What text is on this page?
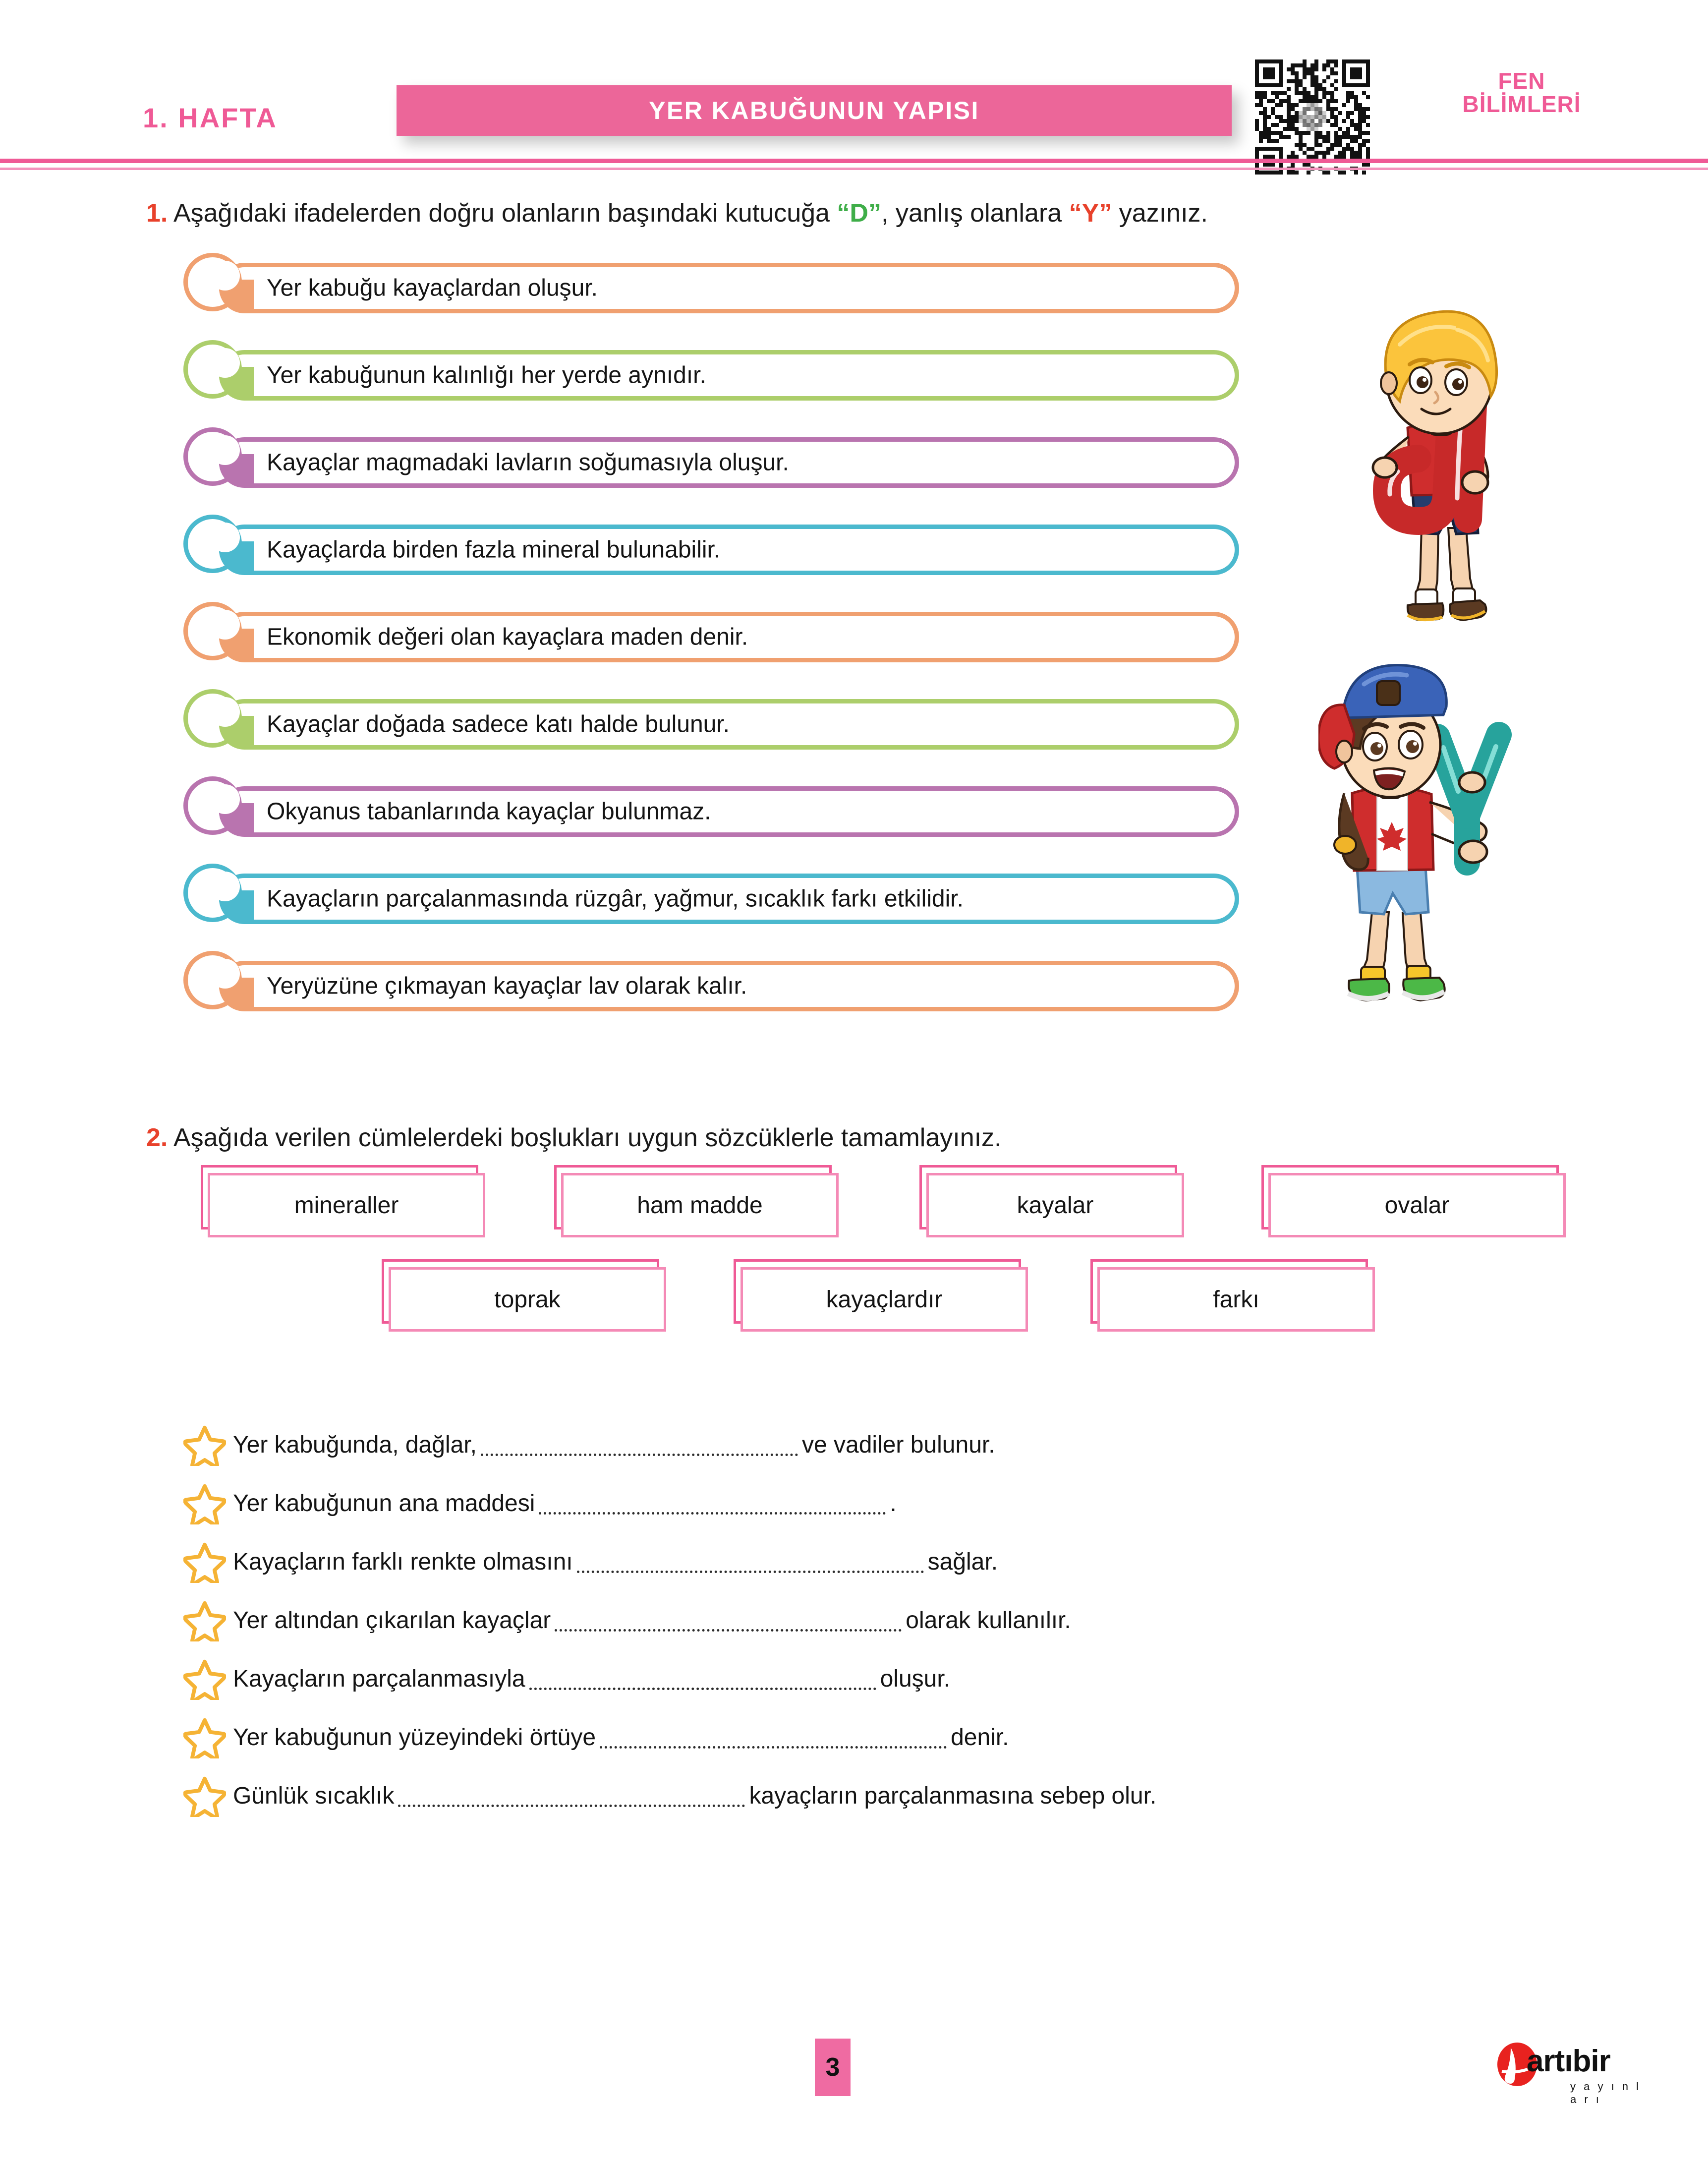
1. HAFTA	YER KABUĞUNUN YAPISI
FEN
BİLİMLERİ
1. Aşağıdaki ifadelerden doğru olanların başındaki kutucuğa “D”, yanlış olanlara “Y” yazınız.
Yer kabuğu kayaçlardan oluşur.
Yer kabuğunun kalınlığı her yerde aynıdır.
Kayaçlar magmadaki lavların soğumasıyla oluşur.
Kayaçlarda birden fazla mineral bulunabilir.
Ekonomik değeri olan kayaçlara maden denir.
Kayaçlar doğada sadece katı halde bulunur.
Okyanus tabanlarında kayaçlar bulunmaz.
Kayaçların parçalanmasında rüzgâr, yağmur, sıcaklık farkı etkilidir.
Yeryüzüne çıkmayan kayaçlar lav olarak kalır.
2. Aşağıda verilen cümlelerdeki boşlukları uygun sözcüklerle tamamlayınız.
mineraller	ham madde	kayalar	ovalar
toprak	kayaçlardır	farkı
Yer kabuğunda, dağlar,	ve vadiler bulunur.
Yer kabuğunun ana maddesi	.
Kayaçların farklı renkte olmasını	sağlar.
Yer altından çıkarılan kayaçlar	olarak kullanılır.
Kayaçların parçalanmasıyla	oluşur.
Yer kabuğunun yüzeyindeki örtüye	denir.
Günlük sıcaklık	kayaçların parçalanmasına sebep olur.
3	artıbir
y a y ı n l a r ı
